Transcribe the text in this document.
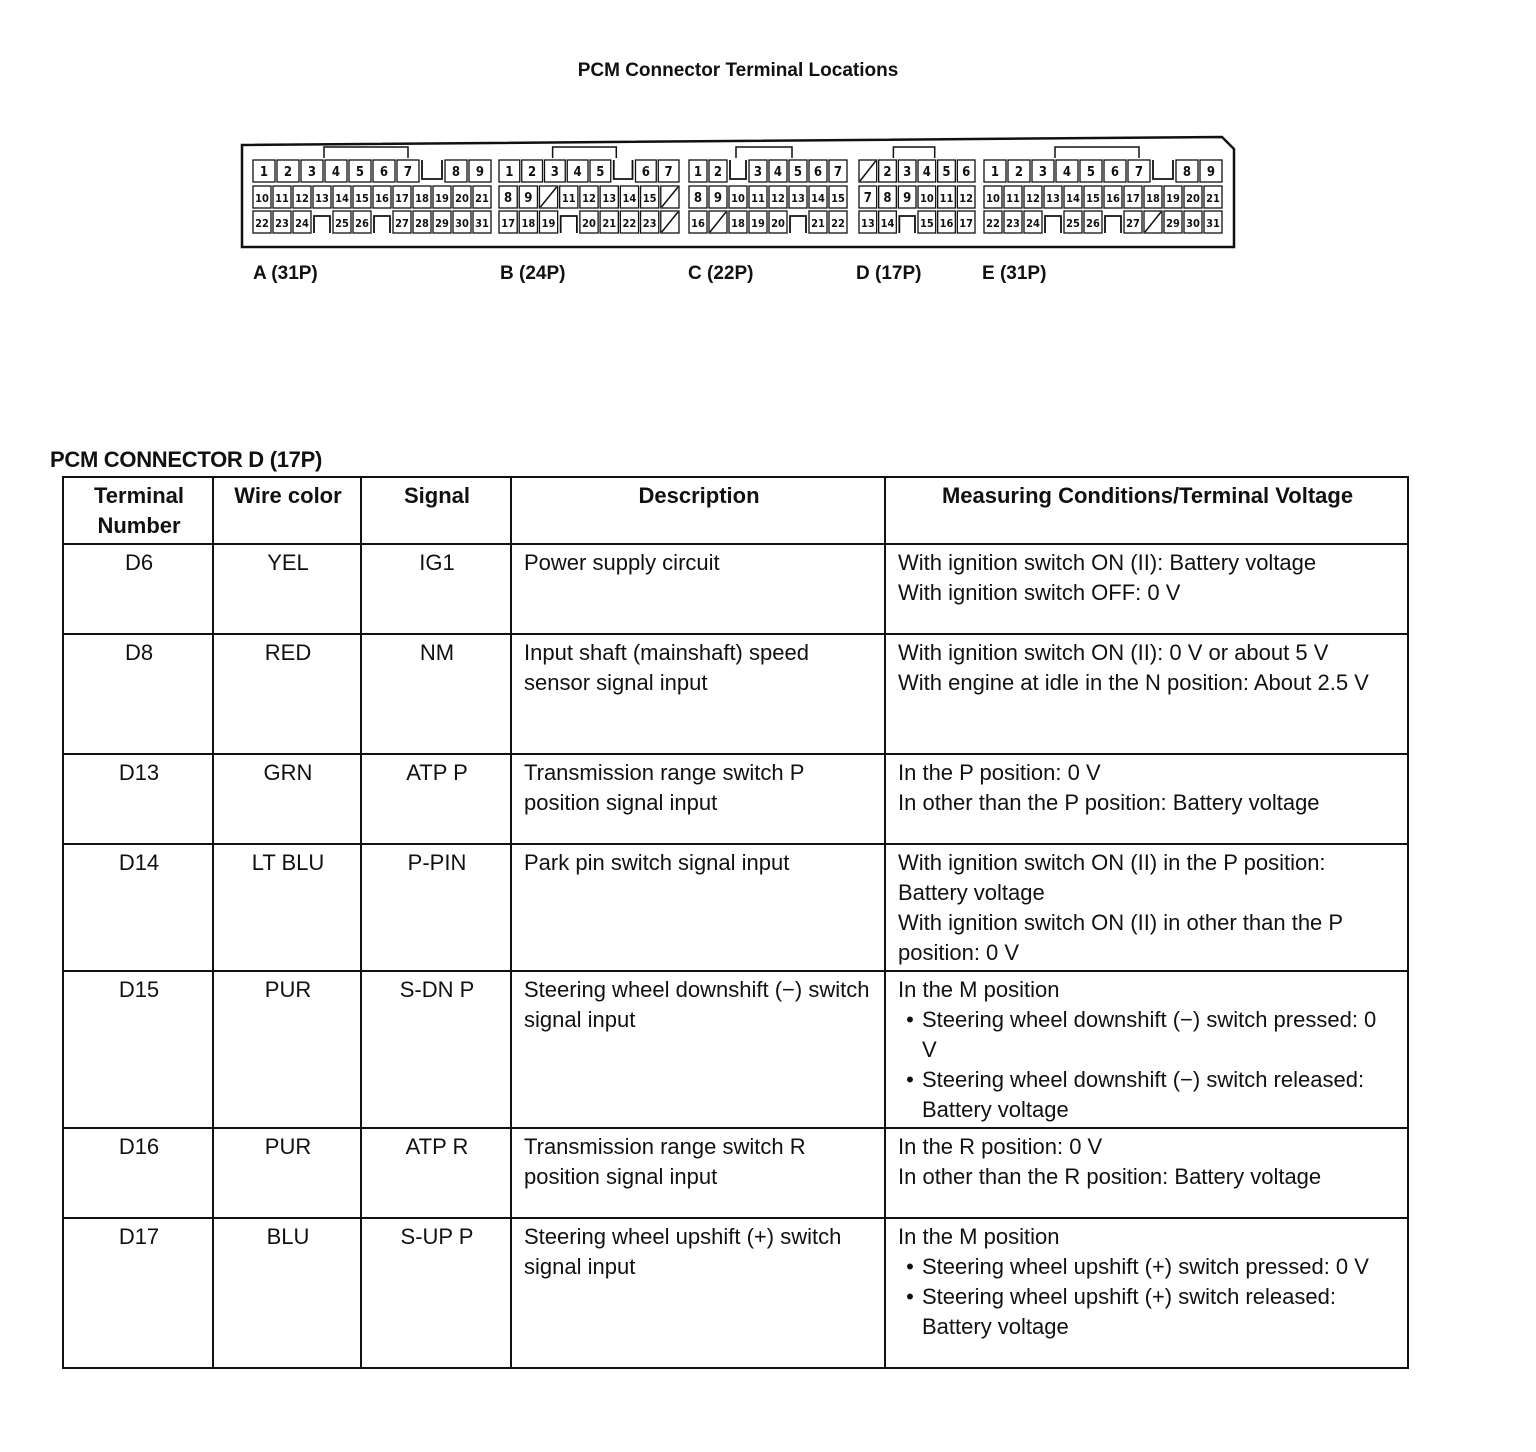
PCM Connector Terminal Locations
1 2 3 4 5 6 7	8 9
10 11 12 13 14 15 16 17 18 19 20 21
22 23 24 25 26 27 28 29 30 31
1 2 3 4 5	6 7
8 9	11 12 13 14 15
17 18 19 20 21 22 23
1 2 3 4 5 6 7
8 9 10 11 12 13 14 15
16 18 19 20 21 22
2 3 4 5 6
7 8 9 10 11 12
13 14 15 16 17
1 2 3 4 5 6 7	8 9
10 11 12 13 14 15 16 17 18 19 20 21
22 23 24 25 26 27 29 30 31
A (31P)	B (24P)	C (22P)	D (17P)	E (31P)
PCM CONNECTOR D (17P)
Terminal Number	Wire color	Signal	Description	Measuring Conditions/Terminal Voltage
D6	YEL	IG1	Power supply circuit	With ignition switch ON (II): Battery voltage
With ignition switch OFF: 0 V

D8	RED	NM	Input shaft (mainshaft) speed sensor signal input	With ignition switch ON (II): 0 V or about 5 V
With engine at idle in the N position: About 2.5 V

D13	GRN	ATP P	Transmission range switch P position signal input	In the P position: 0 V
In other than the P position: Battery voltage

D14	LT BLU	P-PIN	Park pin switch signal input	With ignition switch ON (II) in the P position: Battery voltage
With ignition switch ON (II) in other than the P position: 0 V

D15	PUR	S-DN P	Steering wheel downshift (−) switch signal input	In the M position
• Steering wheel downshift (−) switch pressed: 0 V
• Steering wheel downshift (−) switch released: Battery voltage

D16	PUR	ATP R	Transmission range switch R position signal input	In the R position: 0 V
In other than the R position: Battery voltage

D17	BLU	S-UP P	Steering wheel upshift (+) switch signal input	In the M position
• Steering wheel upshift (+) switch pressed: 0 V
• Steering wheel upshift (+) switch released: Battery voltage
